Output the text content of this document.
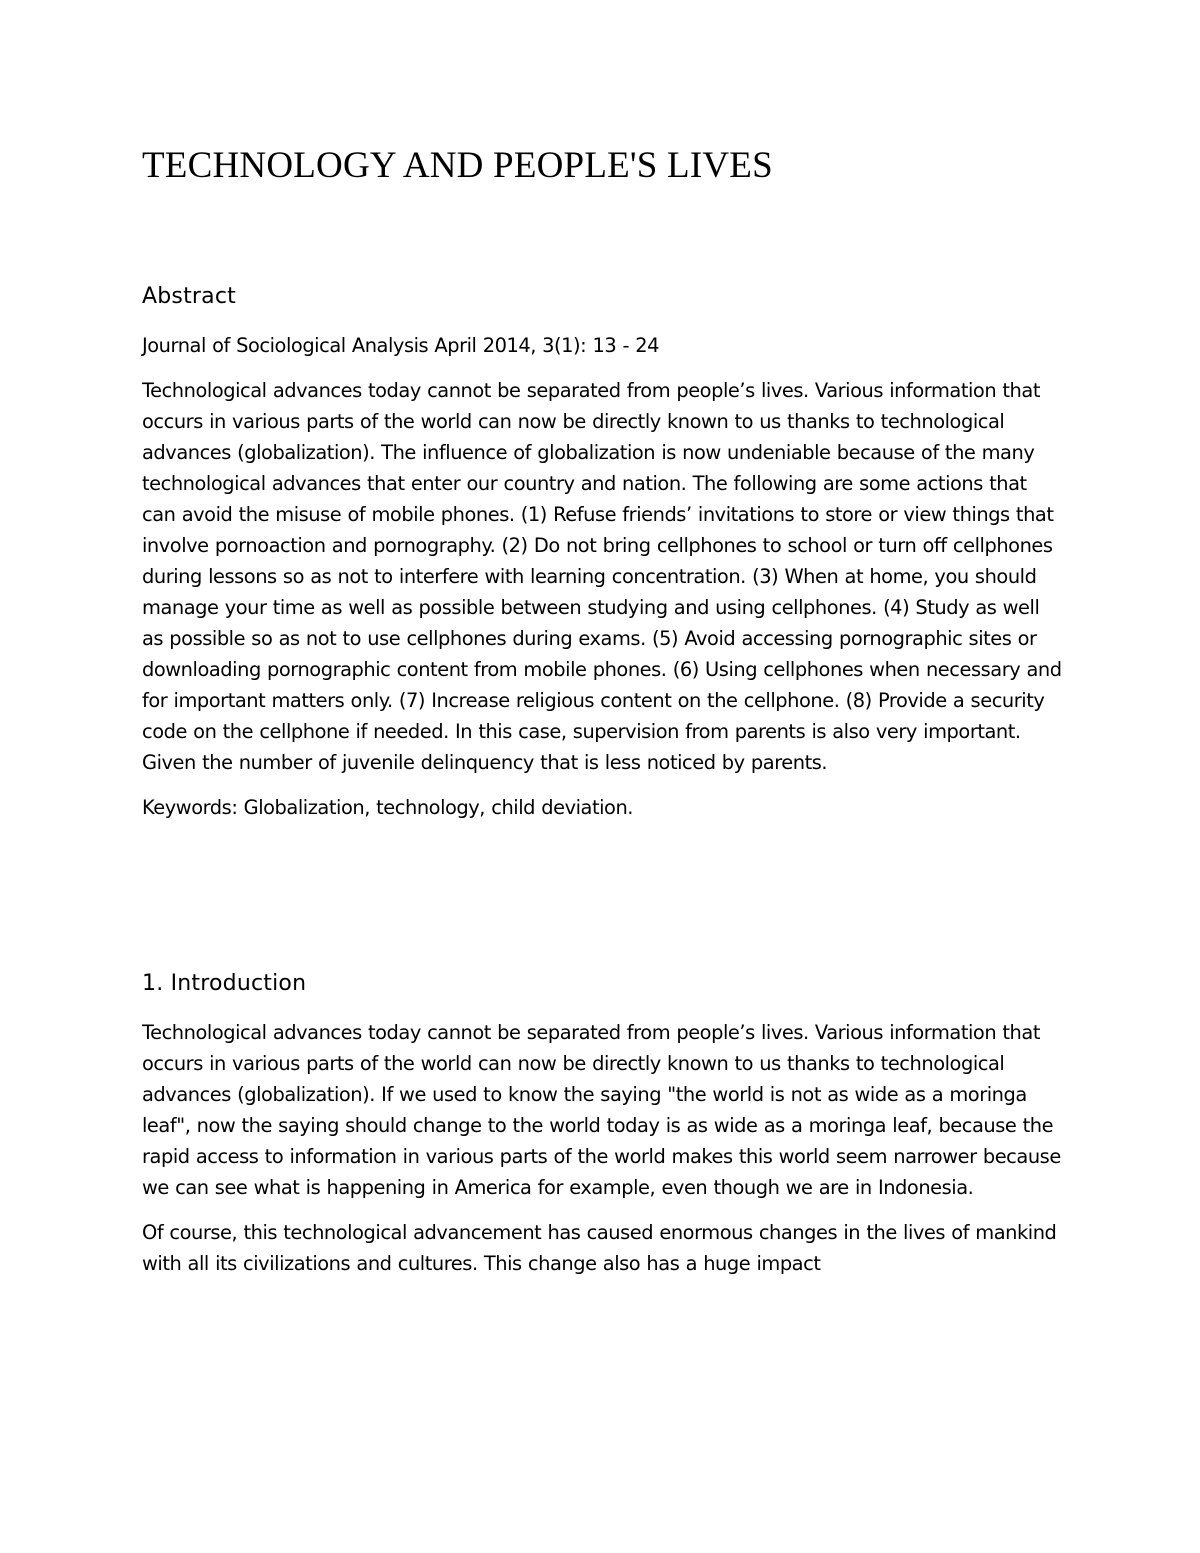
TECHNOLOGY AND PEOPLE'S LIVES
Abstract

Journal of Sociological Analysis April 2014, 3(1): 13 - 24

Technological advances today cannot be separated from people’s lives. Various information that occurs in various parts of the world can now be directly known to us thanks to technological advances (globalization). The influence of globalization is now undeniable because of the many technological advances that enter our country and nation. The following are some actions that can avoid the misuse of mobile phones. (1) Refuse friends’ invitations to store or view things that involve pornoaction and pornography. (2) Do not bring cellphones to school or turn off cellphones during lessons so as not to interfere with learning concentration. (3) When at home, you should manage your time as well as possible between studying and using cellphones. (4) Study as well as possible so as not to use cellphones during exams. (5) Avoid accessing pornographic sites or downloading pornographic content from mobile phones. (6) Using cellphones when necessary and for important matters only. (7) Increase religious content on the cellphone. (8) Provide a security code on the cellphone if needed. In this case, supervision from parents is also very important. Given the number of juvenile delinquency that is less noticed by parents.

Keywords: Globalization, technology, child deviation.

1. Introduction

Technological advances today cannot be separated from people’s lives. Various information that occurs in various parts of the world can now be directly known to us thanks to technological advances (globalization). If we used to know the saying "the world is not as wide as a moringa leaf", now the saying should change to the world today is as wide as a moringa leaf, because the rapid access to information in various parts of the world makes this world seem narrower because we can see what is happening in America for example, even though we are in Indonesia.

Of course, this technological advancement has caused enormous changes in the lives of mankind with all its civilizations and cultures. This change also has a huge impact
